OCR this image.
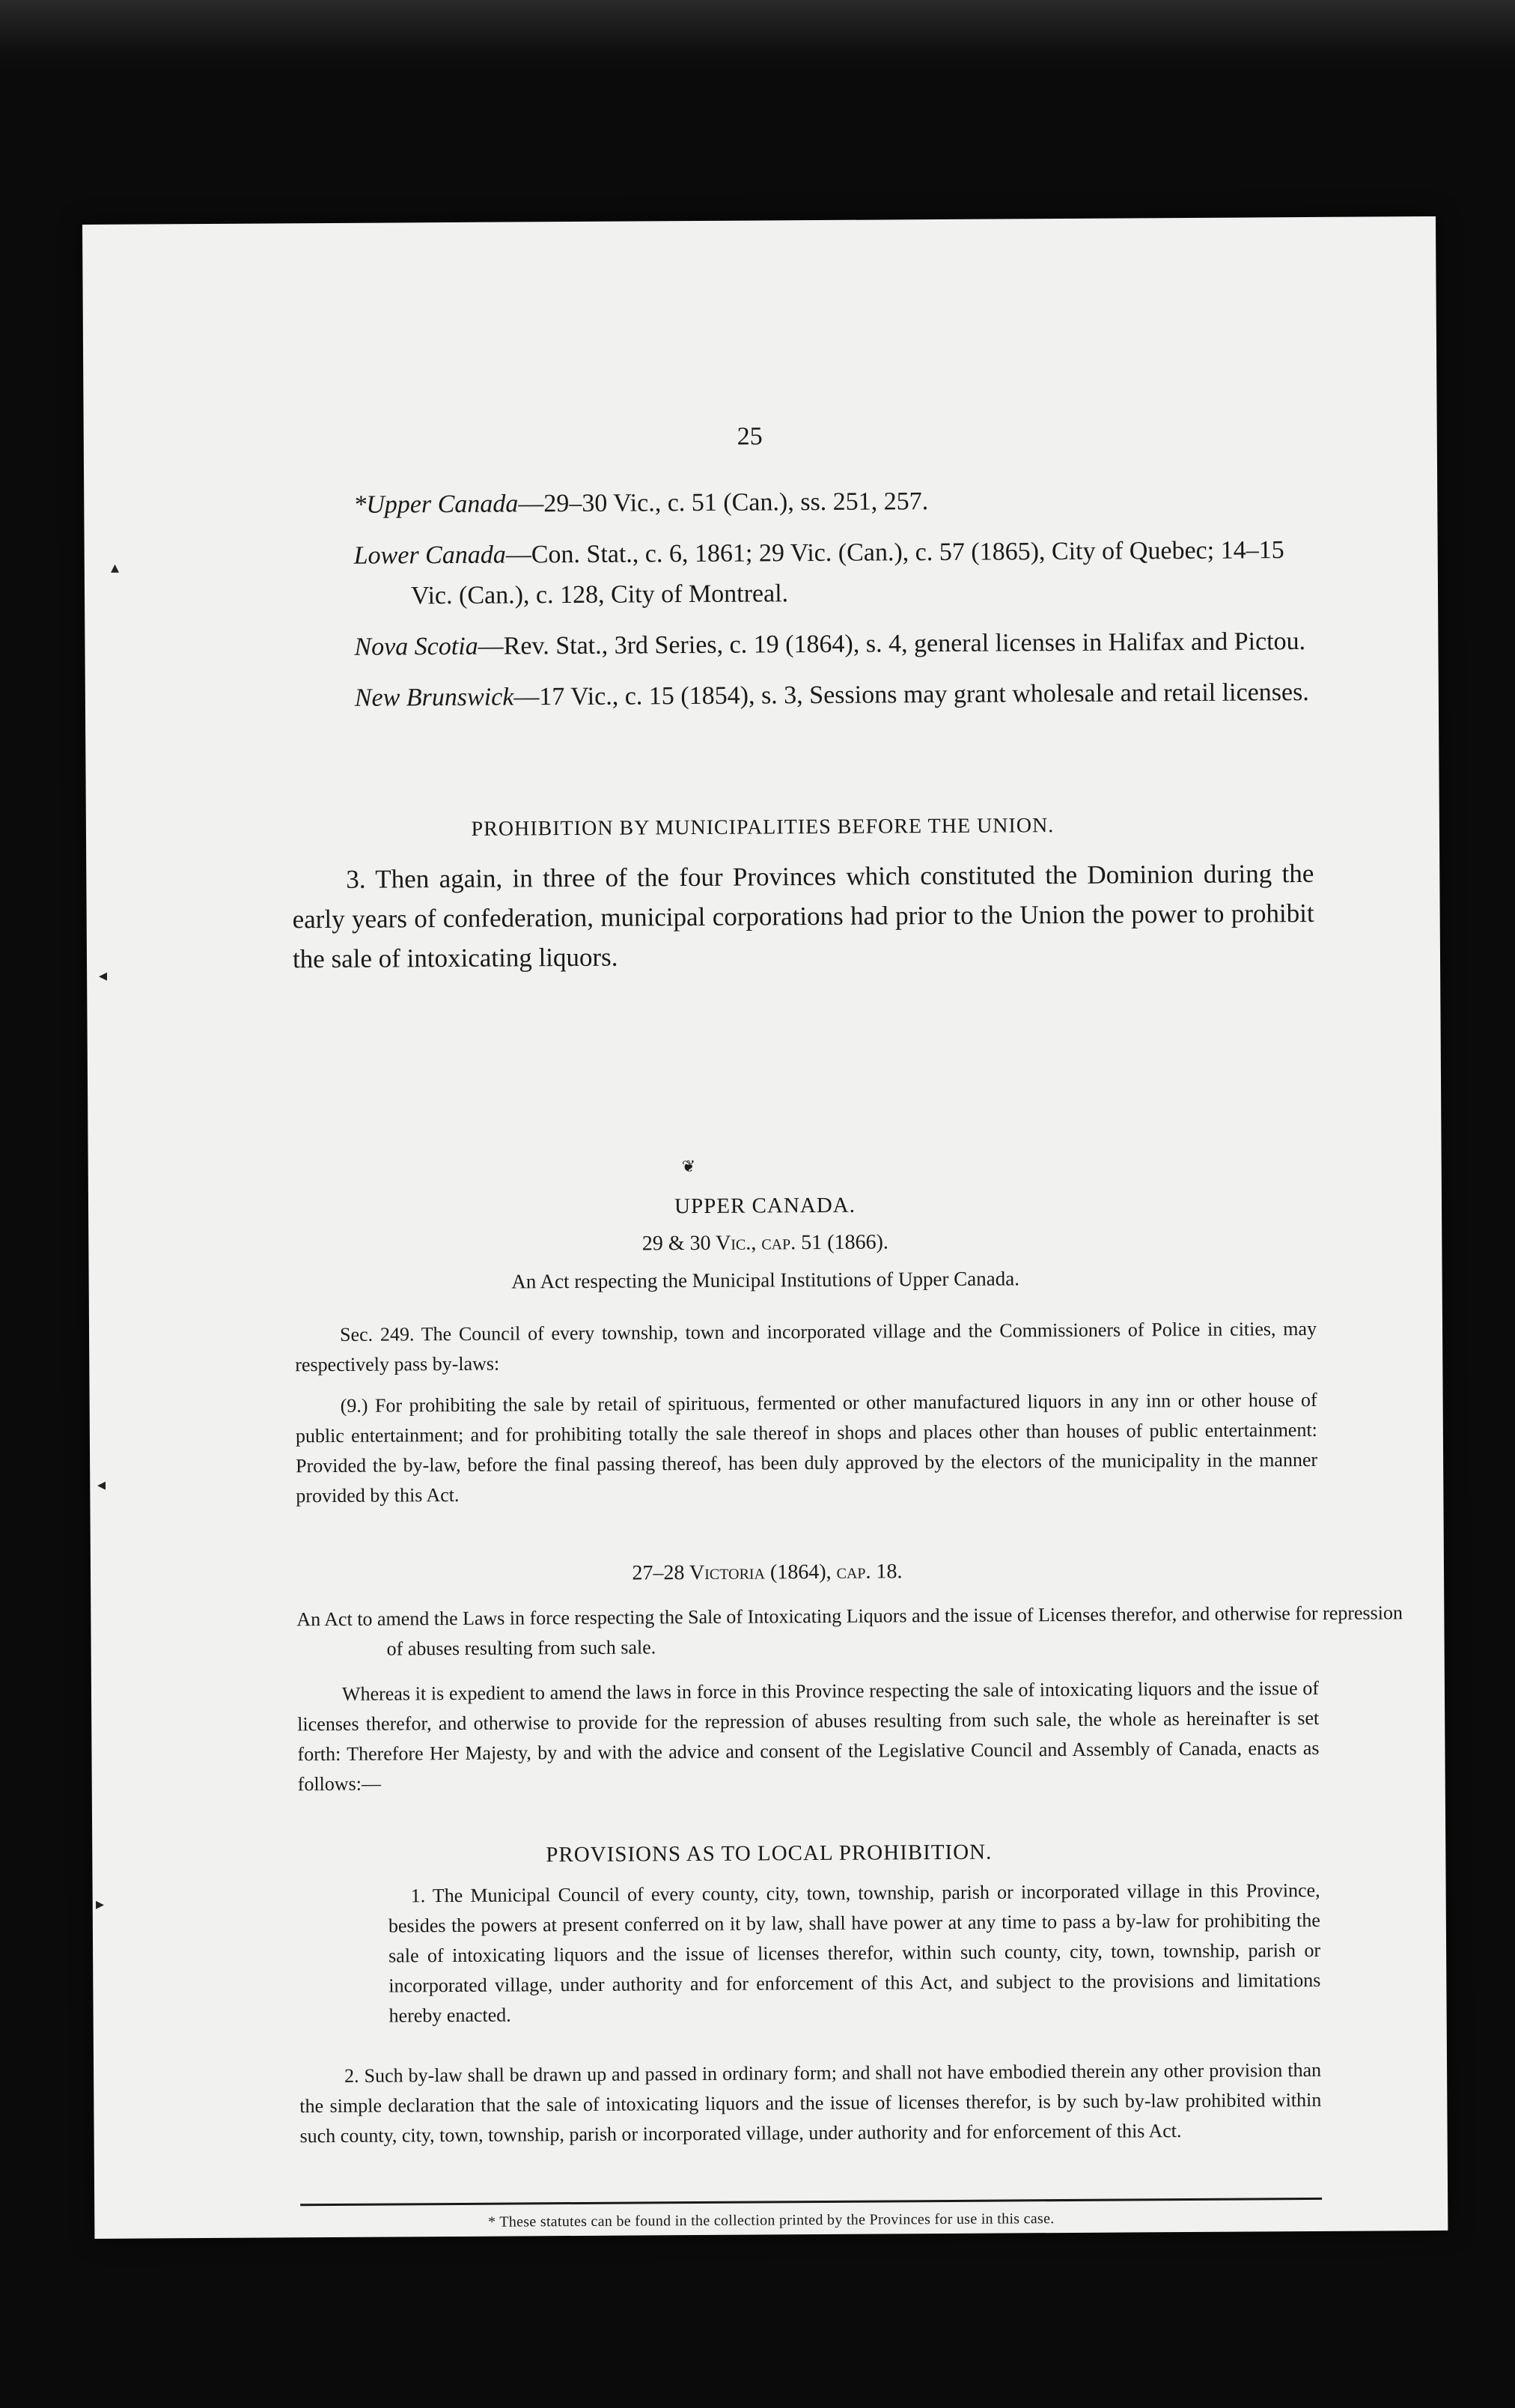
25
*Upper Canada—29–30 Vic., c. 51 (Can.), ss. 251, 257.
Lower Canada—Con. Stat., c. 6, 1861; 29 Vic. (Can.), c. 57 (1865), City of Quebec; 14–15 Vic. (Can.), c. 128, City of Montreal.
Nova Scotia—Rev. Stat., 3rd Series, c. 19 (1864), s. 4, general licenses in Halifax and Pictou.
New Brunswick—17 Vic., c. 15 (1854), s. 3, Sessions may grant wholesale and retail licenses.
PROHIBITION BY MUNICIPALITIES BEFORE THE UNION.
3. Then again, in three of the four Provinces which constituted the Dominion during the early years of confederation, municipal corporations had prior to the Union the power to prohibit the sale of intoxicating liquors.
❦
UPPER CANADA.
29 & 30 Vic., cap. 51 (1866).
An Act respecting the Municipal Institutions of Upper Canada.
Sec. 249. The Council of every township, town and incorporated village and the Commissioners of Police in cities, may respectively pass by-laws:
(9.) For prohibiting the sale by retail of spirituous, fermented or other manufactured liquors in any inn or other house of public entertainment; and for prohibiting totally the sale thereof in shops and places other than houses of public entertainment: Provided the by-law, before the final passing thereof, has been duly approved by the electors of the municipality in the manner provided by this Act.
27–28 Victoria (1864), cap. 18.
An Act to amend the Laws in force respecting the Sale of Intoxicating Liquors and the issue of Licenses therefor, and otherwise for repression of abuses resulting from such sale.
Whereas it is expedient to amend the laws in force in this Province respecting the sale of intoxicating liquors and the issue of licenses therefor, and otherwise to provide for the repression of abuses resulting from such sale, the whole as hereinafter is set forth: Therefore Her Majesty, by and with the advice and consent of the Legislative Council and Assembly of Canada, enacts as follows:—
PROVISIONS AS TO LOCAL PROHIBITION.
1. The Municipal Council of every county, city, town, township, parish or incorporated village in this Province, besides the powers at present conferred on it by law, shall have power at any time to pass a by-law for prohibiting the sale of intoxicating liquors and the issue of licenses therefor, within such county, city, town, township, parish or incorporated village, under authority and for enforcement of this Act, and subject to the provisions and limitations hereby enacted.
2. Such by-law shall be drawn up and passed in ordinary form; and shall not have embodied therein any other provision than the simple declaration that the sale of intoxicating liquors and the issue of licenses therefor, is by such by-law prohibited within such county, city, town, township, parish or incorporated village, under authority and for enforcement of this Act.
* These statutes can be found in the collection printed by the Provinces for use in this case.
▴
◂
◂
▸
